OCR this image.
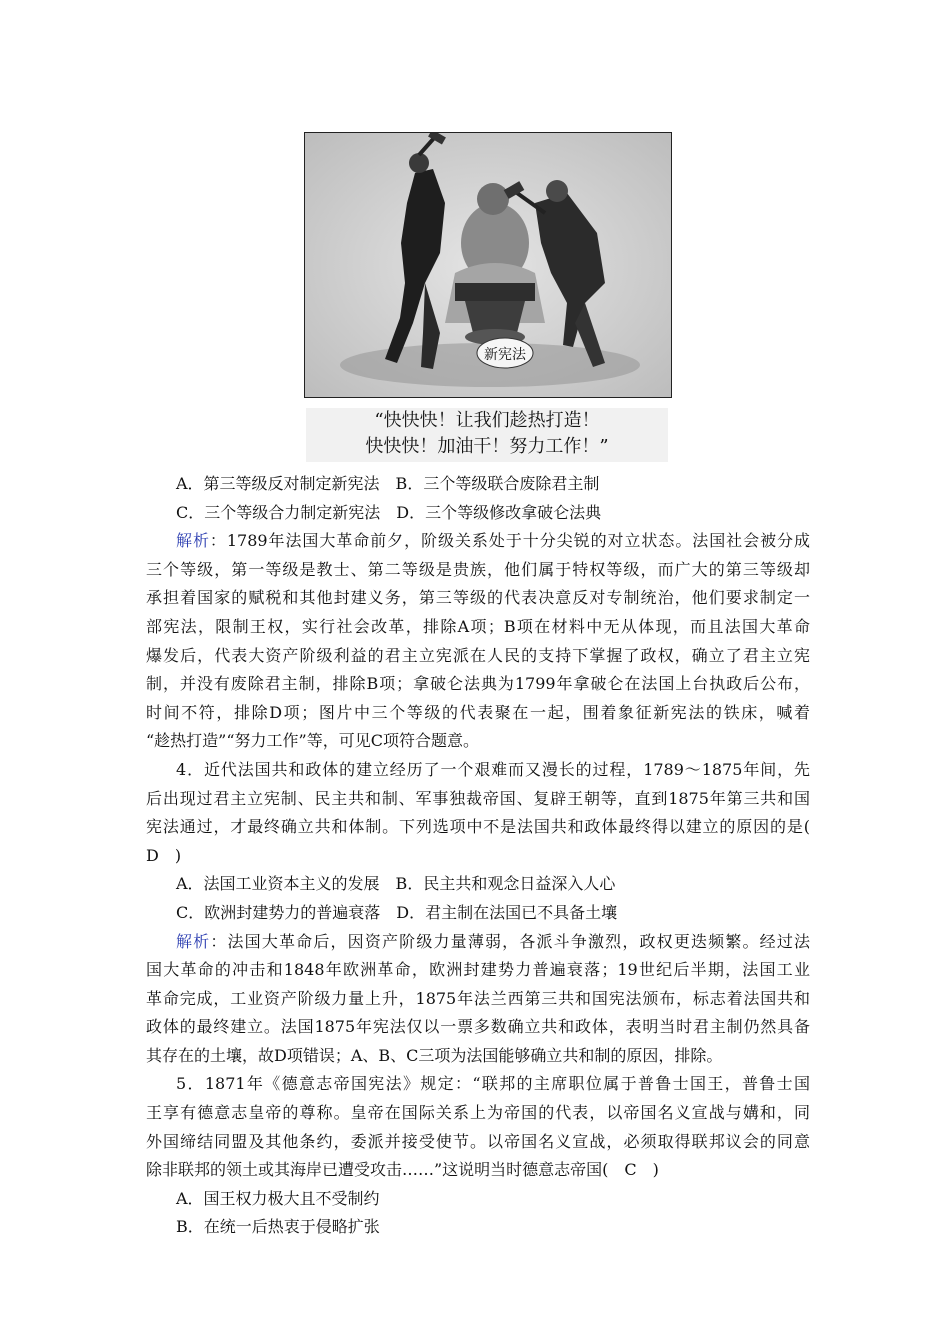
新宪法
“快快快！让我们趁热打造！
快快快！加油干！努力工作！”
A．第三等级反对制定新宪法　B．三个等级联合废除君主制
C．三个等级合力制定新宪法　D．三个等级修改拿破仑法典
解析：1789年法国大革命前夕，阶级关系处于十分尖锐的对立状态。法国社会被分成
三个等级，第一等级是教士、第二等级是贵族，他们属于特权等级，而广大的第三等级却
承担着国家的赋税和其他封建义务，第三等级的代表决意反对专制统治，他们要求制定一
部宪法，限制王权，实行社会改革，排除A项；B项在材料中无从体现，而且法国大革命
爆发后，代表大资产阶级利益的君主立宪派在人民的支持下掌握了政权，确立了君主立宪
制，并没有废除君主制，排除B项；拿破仑法典为1799年拿破仑在法国上台执政后公布，
时间不符，排除D项；图片中三个等级的代表聚在一起，围着象征新宪法的铁床，喊着
“趁热打造”“努力工作”等，可见C项符合题意。
4．近代法国共和政体的建立经历了一个艰难而又漫长的过程，1789～1875年间，先
后出现过君主立宪制、民主共和制、军事独裁帝国、复辟王朝等，直到1875年第三共和国
宪法通过，才最终确立共和体制。下列选项中不是法国共和政体最终得以建立的原因的是(
D　)
A．法国工业资本主义的发展　B．民主共和观念日益深入人心
C．欧洲封建势力的普遍衰落　D．君主制在法国已不具备土壤
解析：法国大革命后，因资产阶级力量薄弱，各派斗争激烈，政权更迭频繁。经过法
国大革命的冲击和1848年欧洲革命，欧洲封建势力普遍衰落；19世纪后半期，法国工业
革命完成，工业资产阶级力量上升，1875年法兰西第三共和国宪法颁布，标志着法国共和
政体的最终建立。法国1875年宪法仅以一票多数确立共和政体，表明当时君主制仍然具备
其存在的土壤，故D项错误；A、B、C三项为法国能够确立共和制的原因，排除。
5．1871年《德意志帝国宪法》规定：“联邦的主席职位属于普鲁士国王，普鲁士国
王享有德意志皇帝的尊称。皇帝在国际关系上为帝国的代表，以帝国名义宣战与媾和，同
外国缔结同盟及其他条约，委派并接受使节。以帝国名义宣战，必须取得联邦议会的同意
除非联邦的领土或其海岸已遭受攻击……”这说明当时德意志帝国(　C　)
A．国王权力极大且不受制约
B．在统一后热衷于侵略扩张
